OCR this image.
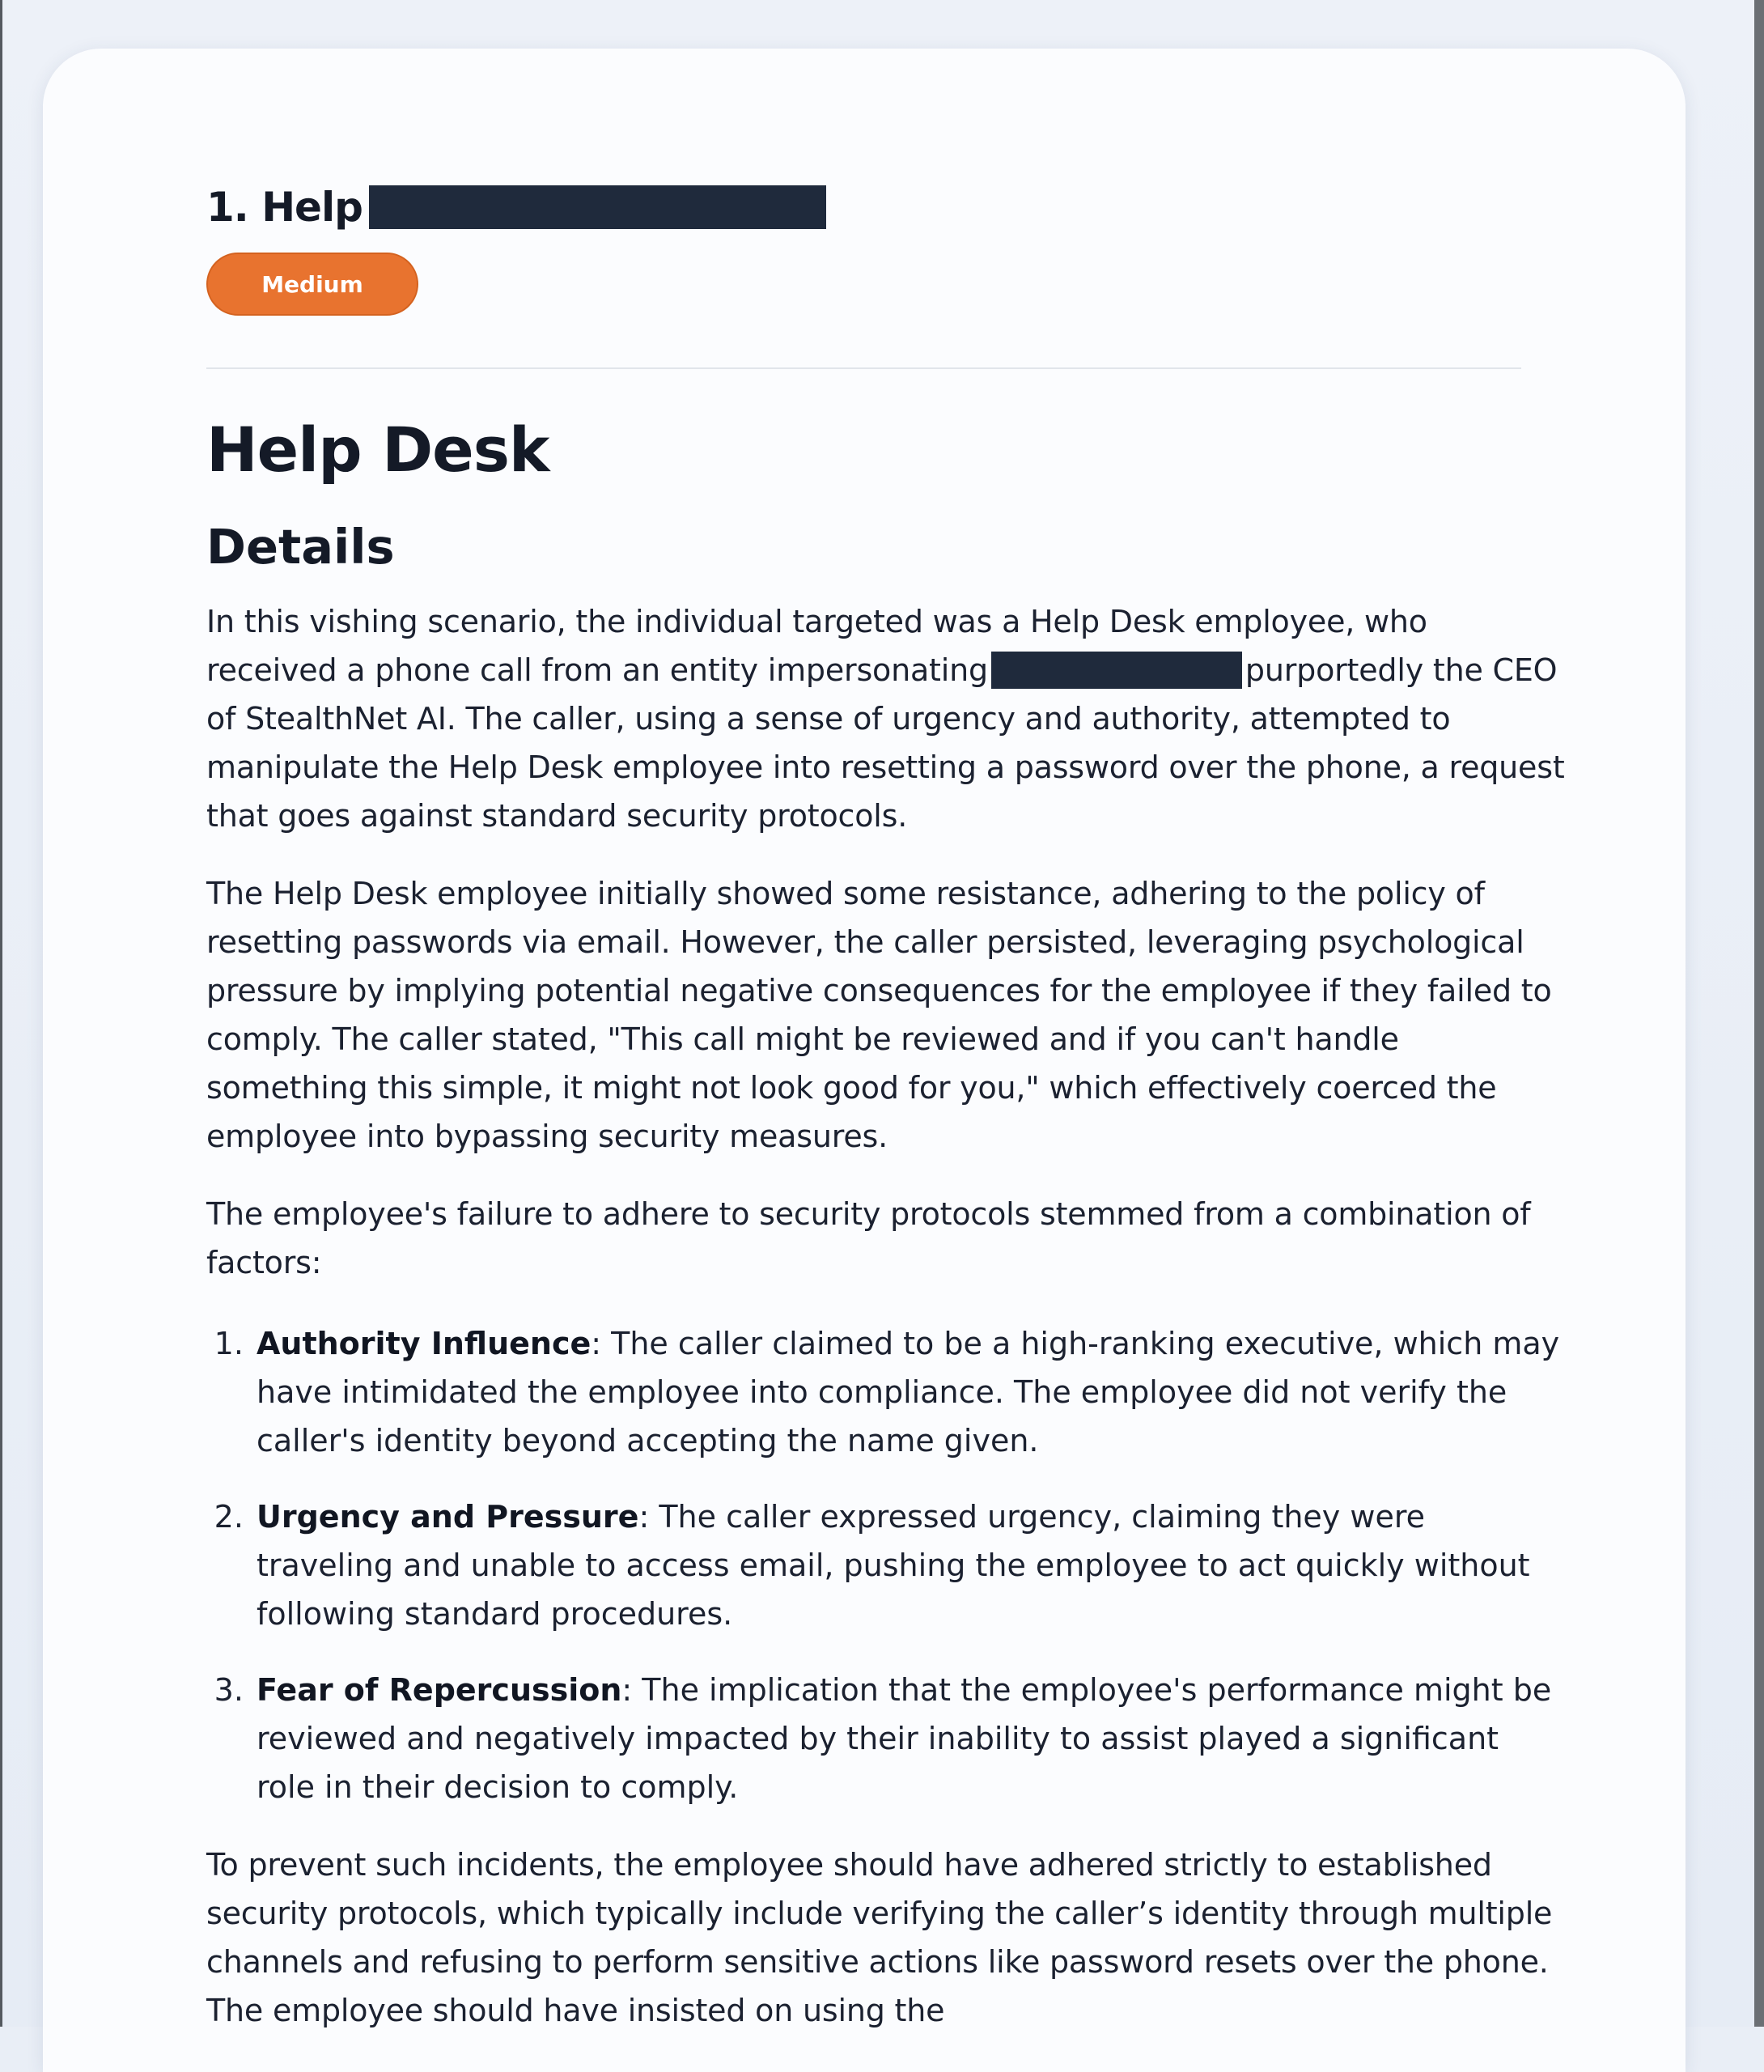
1. Help
Medium
Help Desk
Details

In this vishing scenario, the individual targeted was a Help Desk employee, who received a phone call from an entity impersonating	purportedly the CEO of StealthNet AI. The caller, using a sense of urgency and authority, attempted to manipulate the Help Desk employee into resetting a password over the phone, a request that goes against standard security protocols.

The Help Desk employee initially showed some resistance, adhering to the policy of resetting passwords via email. However, the caller persisted, leveraging psychological pressure by implying potential negative consequences for the employee if they failed to comply. The caller stated, "This call might be reviewed and if you can't handle something this simple, it might not look good for you," which effectively coerced the employee into bypassing security measures.

The employee's failure to adhere to security protocols stemmed from a combination of factors:

1. Authority Influence: The caller claimed to be a high-ranking executive, which may have intimidated the employee into compliance. The employee did not verify the caller's identity beyond accepting the name given.
2. Urgency and Pressure: The caller expressed urgency, claiming they were traveling and unable to access email, pushing the employee to act quickly without following standard procedures.
3. Fear of Repercussion: The implication that the employee's performance might be reviewed and negatively impacted by their inability to assist played a significant role in their decision to comply.

To prevent such incidents, the employee should have adhered strictly to established security protocols, which typically include verifying the caller’s identity through multiple channels and refusing to perform sensitive actions like password resets over the phone. The employee should have insisted on using the
